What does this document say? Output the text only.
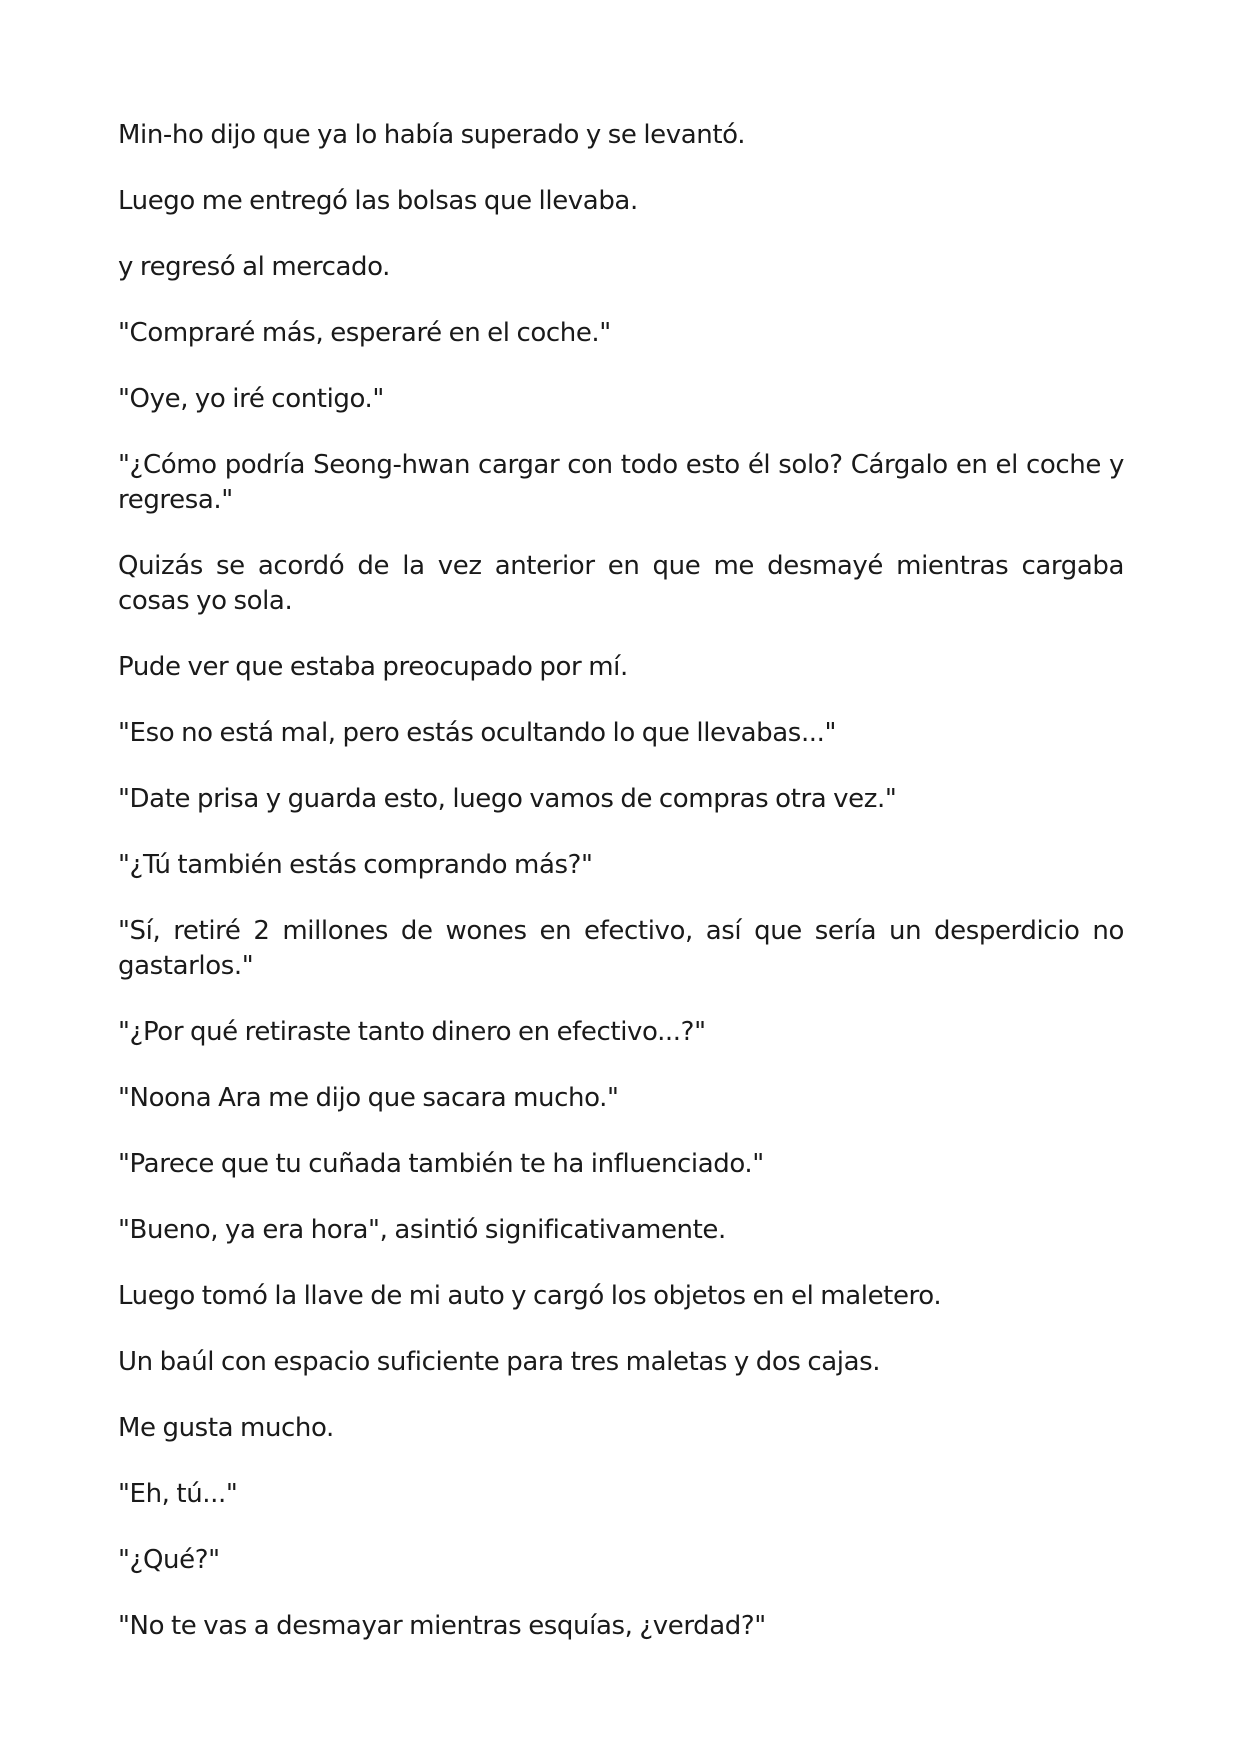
Min-ho dijo que ya lo había superado y se levantó.

Luego me entregó las bolsas que llevaba.

y regresó al mercado.

"Compraré más, esperaré en el coche."

"Oye, yo iré contigo."

"¿Cómo podría Seong-hwan cargar con todo esto él solo? Cárgalo en el coche y regresa."

Quizás se acordó de la vez anterior en que me desmayé mientras cargaba cosas yo sola.

Pude ver que estaba preocupado por mí.

"Eso no está mal, pero estás ocultando lo que llevabas..."

"Date prisa y guarda esto, luego vamos de compras otra vez."

"¿Tú también estás comprando más?"

"Sí, retiré 2 millones de wones en efectivo, así que sería un desperdicio no gastarlos."

"¿Por qué retiraste tanto dinero en efectivo...?"

"Noona Ara me dijo que sacara mucho."

"Parece que tu cuñada también te ha influenciado."

"Bueno, ya era hora", asintió significativamente.

Luego tomó la llave de mi auto y cargó los objetos en el maletero.

Un baúl con espacio suficiente para tres maletas y dos cajas.

Me gusta mucho.

"Eh, tú..."

"¿Qué?"

"No te vas a desmayar mientras esquías, ¿verdad?"
